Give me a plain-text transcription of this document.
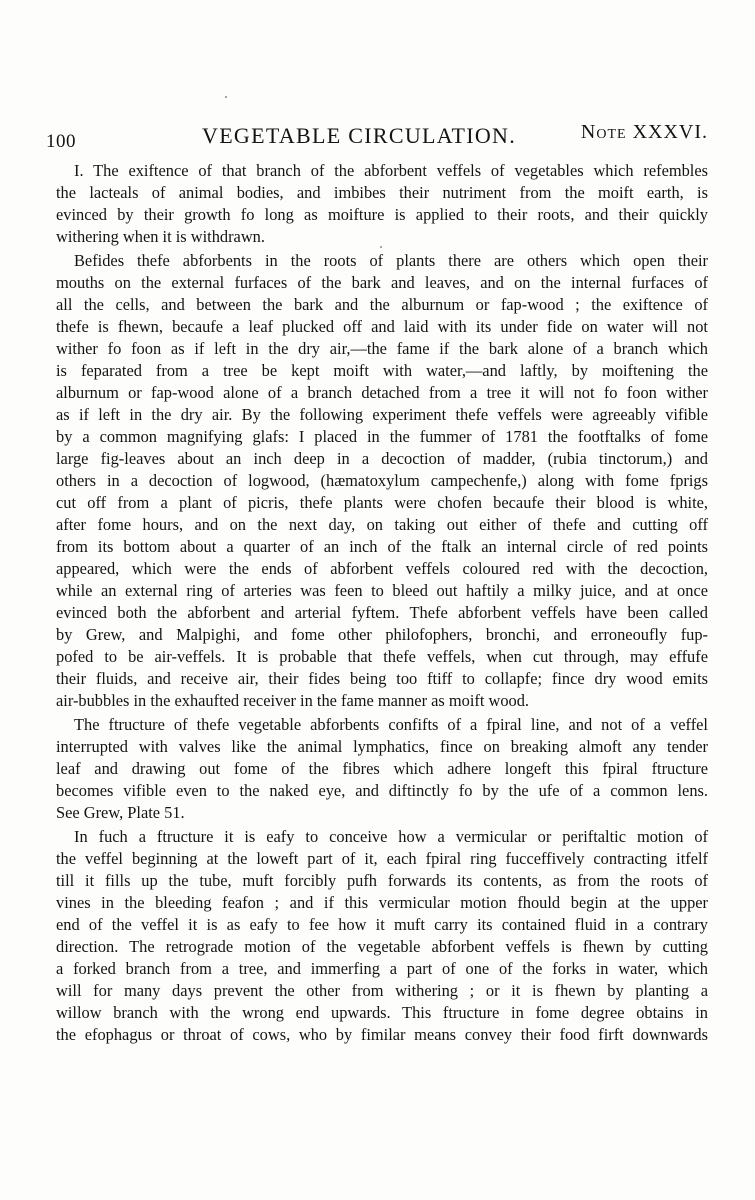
100	VEGETABLE CIRCULATION.	Note XXXVI.
I. The exiftence of that branch of the abforbent veffels of vegetables which refembles
the lacteals of animal bodies, and imbibes their nutriment from the moift earth, is
evinced by their growth fo long as moifture is applied to their roots, and their quickly
withering when it is withdrawn.
Befides thefe abforbents in the roots of plants there are others which open their
mouths on the external furfaces of the bark and leaves, and on the internal furfaces of
all the cells, and between the bark and the alburnum or fap-wood ; the exiftence of
thefe is fhewn, becaufe a leaf plucked off and laid with its under fide on water will not
wither fo foon as if left in the dry air,—the fame if the bark alone of a branch which
is feparated from a tree be kept moift with water,—and laftly, by moiftening the
alburnum or fap-wood alone of a branch detached from a tree it will not fo foon wither
as if left in the dry air. By the following experiment thefe veffels were agreeably vifible
by a common magnifying glafs: I placed in the fummer of 1781 the footftalks of fome
large fig-leaves about an inch deep in a decoction of madder, (rubia tinctorum,) and
others in a decoction of logwood, (hæmatoxylum campechenfe,) along with fome fprigs
cut off from a plant of picris, thefe plants were chofen becaufe their blood is white,
after fome hours, and on the next day, on taking out either of thefe and cutting off
from its bottom about a quarter of an inch of the ftalk an internal circle of red points
appeared, which were the ends of abforbent veffels coloured red with the decoction,
while an external ring of arteries was feen to bleed out haftily a milky juice, and at once
evinced both the abforbent and arterial fyftem. Thefe abforbent veffels have been called
by Grew, and Malpighi, and fome other philofophers, bronchi, and erroneoufly fup-
pofed to be air-veffels. It is probable that thefe veffels, when cut through, may effufe
their fluids, and receive air, their fides being too ftiff to collapfe; fince dry wood emits
air-bubbles in the exhaufted receiver in the fame manner as moift wood.
The ftructure of thefe vegetable abforbents confifts of a fpiral line, and not of a veffel
interrupted with valves like the animal lymphatics, fince on breaking almoft any tender
leaf and drawing out fome of the fibres which adhere longeft this fpiral ftructure
becomes vifible even to the naked eye, and diftinctly fo by the ufe of a common lens.
See Grew, Plate 51.
In fuch a ftructure it is eafy to conceive how a vermicular or periftaltic motion of
the veffel beginning at the loweft part of it, each fpiral ring fucceffively contracting itfelf
till it fills up the tube, muft forcibly pufh forwards its contents, as from the roots of
vines in the bleeding feafon ; and if this vermicular motion fhould begin at the upper
end of the veffel it is as eafy to fee how it muft carry its contained fluid in a contrary
direction. The retrograde motion of the vegetable abforbent veffels is fhewn by cutting
a forked branch from a tree, and immerfing a part of one of the forks in water, which
will for many days prevent the other from withering ; or it is fhewn by planting a
willow branch with the wrong end upwards. This ftructure in fome degree obtains in
the efophagus or throat of cows, who by fimilar means convey their food firft downwards
